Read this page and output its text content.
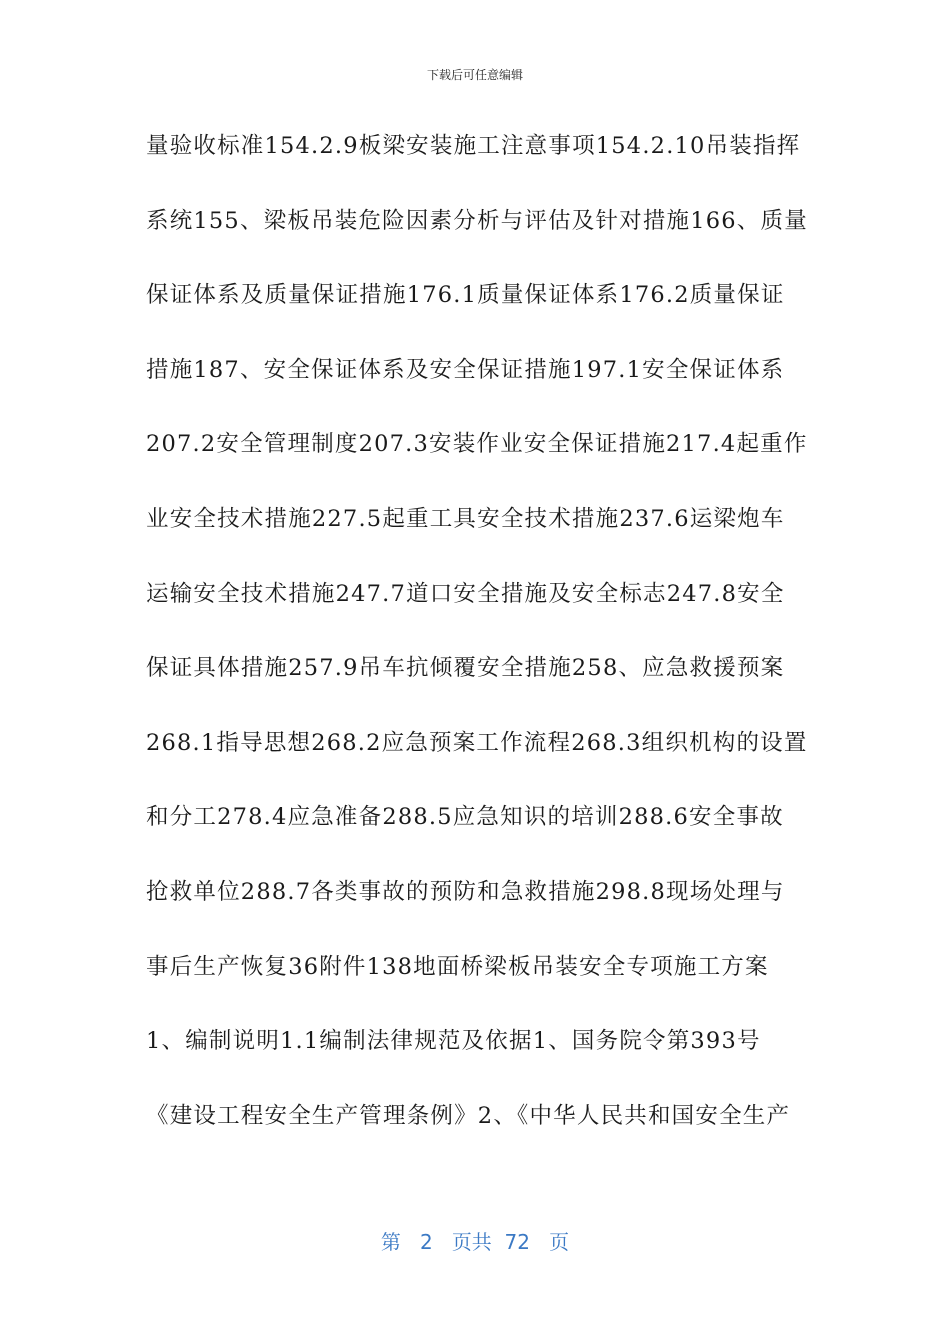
下载后可任意编辑
量验收标准154.2.9板梁安装施工注意事项154.2.10吊装指挥
系统155、梁板吊装危险因素分析与评估及针对措施166、质量
保证体系及质量保证措施176.1质量保证体系176.2质量保证
措施187、安全保证体系及安全保证措施197.1安全保证体系
207.2安全管理制度207.3安装作业安全保证措施217.4起重作
业安全技术措施227.5起重工具安全技术措施237.6运梁炮车
运输安全技术措施247.7道口安全措施及安全标志247.8安全
保证具体措施257.9吊车抗倾覆安全措施258、应急救援预案
268.1指导思想268.2应急预案工作流程268.3组织机构的设置
和分工278.4应急准备288.5应急知识的培训288.6安全事故
抢救单位288.7各类事故的预防和急救措施298.8现场处理与
事后生产恢复36附件138地面桥梁板吊装安全专项施工方案
1、编制说明1.1编制法律规范及依据1、国务院令第393号
《建设工程安全生产管理条例》2、《中华人民共和国安全生产
第 2 页共 72 页
